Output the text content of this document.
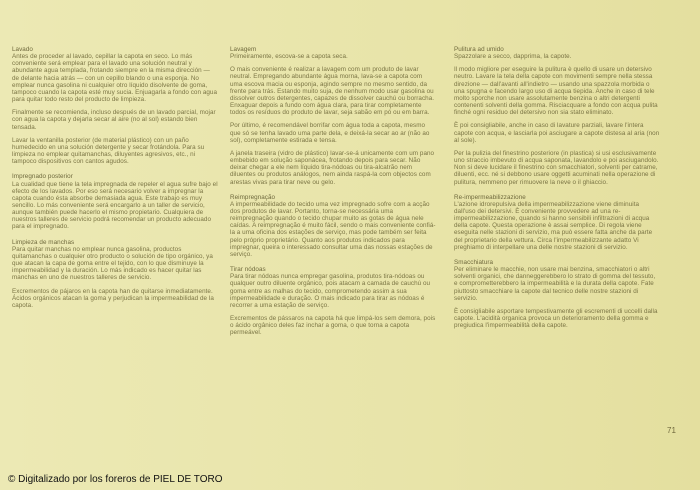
Lavado
Antes de proceder al lavado, cepillar la capota en seco. Lo más conveniente será emplear para el lavado una solución neutral y abundante agua templada, frotando siempre en la misma dirección — de delante hacia atrás — con un cepillo blando o una esponja. No emplear nunca gasolina ni cualquier otro líquido disolvente de goma, tampoco cuando la capota esté muy sucia. Enjuagarla a fondo con agua para quitar todo resto del producto de limpieza.
Finalmente se recomienda, incluso después de un lavado parcial, mojar con agua la capota y dejarla secar al aire (no al sol) estando bien tensada.
Lavar la ventanilla posterior (de material plástico) con un paño humedecido en una solución detergente y secar frotándola. Para su limpieza no emplear quitamanchas, diluyentes agresivos, etc., ni tampoco dispositivos con cantos agudos.
Impregnado posterior
La cualidad que tiene la tela impregnada de repeler el agua sufre bajo el efecto de los lavados. Por eso será necesario volver a impregnar la capota cuando ésta absorbe demasiada agua. Este trabajo es muy sencillo. Lo más conveniente será encargarlo a un taller de servicio, aunque también puede hacerlo el mismo propietario. Cualquiera de nuestros talleres de servicio podrá recomendar un producto adecuado para el impregnado.
Limpieza de manchas
Para quitar manchas no emplear nunca gasolina, productos quitamanchas o cualquier otro producto o solución de tipo orgánico, ya que atacan la capa de goma entre el tejido, con lo que disminuye la impermeabilidad y la duración. Lo más indicado es hacer quitar las manchas en uno de nuestros talleres de servicio.
Excrementos de pájaros en la capota han de quitarse inmediatamente. Ácidos orgánicos atacan la goma y perjudican la impermeabilidad de la capota.
Lavagem
Primeiramente, escova-se a capota seca.
O mais conveniente é realizar a lavagem com um produto de lavar neutral. Empregando abundante água morna, lava-se a capota com uma escova macia ou esponja, agindo sempre no mesmo sentido, da frente para trás. Estando muito suja, de nenhum modo usar gasolina ou dissolver outros detergentes, capazes de dissolver cauchú ou borracha. Enxaguar depois a fundo com água clara, para tirar completamente todos os resíduos do produto de lavar, seja sabão em pó ou em barra.
Por último, é recomendável borrifar com água toda a capota, mesmo que só se tenha lavado uma parte dela, e deixá-la secar ao ar (não ao sol), completamente estirada e tensa.
A janela traseira (vidro de plástico) lavar-se-á unicamente com um pano embebido em solução saponácea, frotando depois para secar. Não deixar chegar a ele nem líquido tira-nódoas ou tira-alcatrão nem diluentes ou produtos análogos, nem ainda raspá-la com objectos com arestas vivas para tirar neve ou gelo.
Reimpregnação
A impermeabilidade do tecido uma vez impregnado sofre com a acção dos produtos de lavar. Portanto, torna-se necessária uma reimpregnação quando o tecido chupar muito as gotas de água nele caídas. A reimpregnação é muito fácil, sendo o mais conveniente confiá-la a uma oficina dos estações de serviço, mas pode também ser feita pelo próprio proprietário. Quanto aos produtos indicados para impregnar, queira o interessado consultar uma das nossas estações de serviço.
Tirar nódoas
Para tirar nódoas nunca empregar gasolina, produtos tira-nódoas ou qualquer outro diluente orgânico, pois atacam a camada de cauchú ou goma entre as malhas do tecido, comprometendo assim a sua impermeabilidade e duração. O mais indicado para tirar as nódoas é recorrer a uma estação de serviço.
Excrementos de pássaros na capota há que limpá-los sem demora, pois o ácido orgânico deles faz inchar a goma, o que torna a capota permeável.
Pulitura ad umido
Spazzolare a secco, dapprima, la capote.
Il modo migliore per eseguire la pulitura è quello di usare un detersivo neutro. Lavare la tela della capote con movimenti sempre nella stessa direzione — dall'avanti all'indietro — usando una spazzola morbida o una spugna e facendo largo uso di acqua tiepida. Anche in caso di tele molto sporche non usare assolutamente benzina o altri detergenti contenenti solventi della gomma. Risciacquare a fondo con acqua pulita finché ogni residuo del detersivo non sia stato eliminato.
È poi consigliabile, anche in caso di lavature parziali, lavare l'intera capote con acqua, e lasciarla poi asciugare a capote distesa al aria (non al sole).
Per la pulizia del finestrino posteriore (in plastica) si usi esclusivamente uno straccio imbevuto di acqua saponata, lavandolo e poi asciugandolo. Non si deve lucidare il finestrino con smacchiatori, solventi per catrame, diluenti, ecc. né si debbono usare oggetti acuminati nella operazione di pulitura, nemmeno per rimuovere la neve o il ghiaccio.
Re-impermeabilizzazione
L'azione idrorepulsiva della impermeabilizzazione viene diminuita dall'uso dei detersivi. È conveniente provvedere ad una re-impermeabilizzazione, quando si hanno sensibili infiltrazioni di acqua della capote. Questa operazione è assai semplice. Di regola viene eseguita nelle stazioni di servizio, ma può essere fatta anche da parte del proprietario della vettura. Circa l'impermeabilizzante adatto Vi preghiamo di interpellare una delle nostre stazioni di servizio.
Smacchiatura
Per eliminare le macchie, non usare mai benzina, smacchiatori o altri solventi organici, che danneggerebbero lo strato di gomma del tessuto, e comprometterebbero la impermeabilità e la durata della capote. Fate piuttosto smacchiare la capote dal tecnico delle nostre stazioni di servizio.
È consigliabile asportare tempestivamente gli escrementi di uccelli dalla capote. L'acidità organica provoca un deterioramento della gomma e pregiudica l'impermeabilità della capote.
71
© Digitalizado por los foreros de PIEL DE TORO
